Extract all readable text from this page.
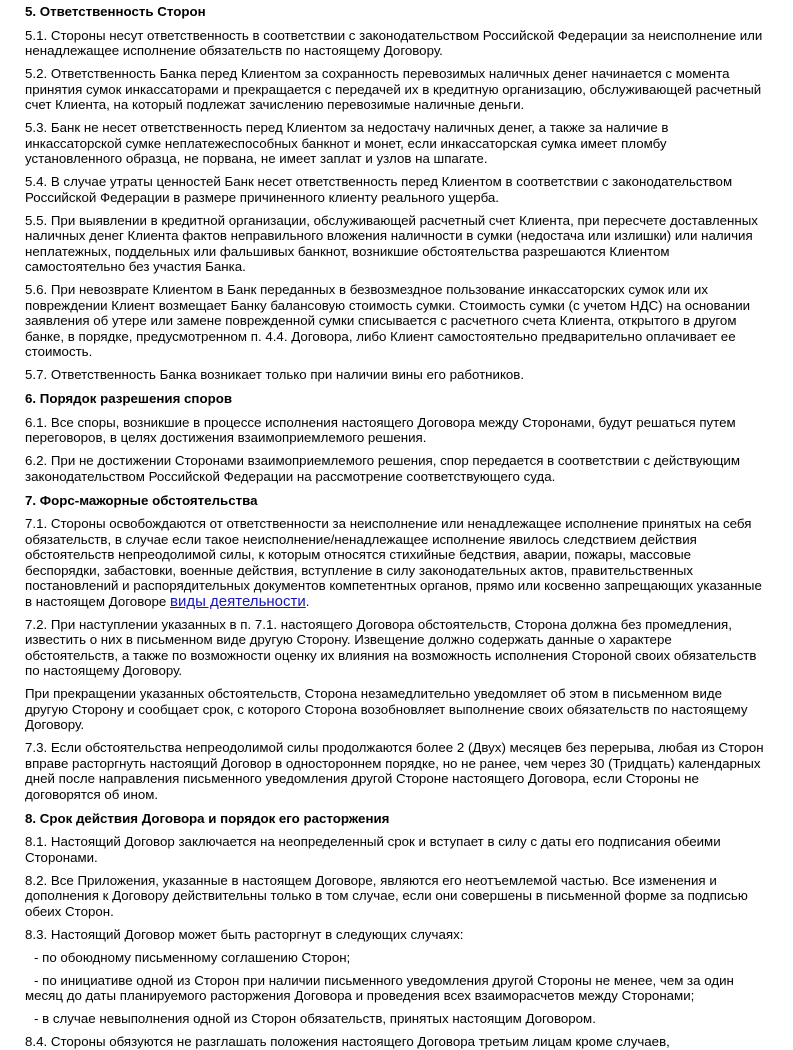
5. Ответственность Сторон

5.1. Стороны несут ответственность в соответствии с законодательством Российской Федерации за неисполнение или ненадлежащее исполнение обязательств по настоящему Договору.

5.2. Ответственность Банка перед Клиентом за сохранность перевозимых наличных денег начинается с момента принятия сумок инкассаторами и прекращается с передачей их в кредитную организацию, обслуживающей расчетный счет Клиента, на который подлежат зачислению перевозимые наличные деньги.

5.3. Банк не несет ответственность перед Клиентом за недостачу наличных денег, а также за наличие в инкассаторской сумке неплатежеспособных банкнот и монет, если инкассаторская сумка имеет пломбу установленного образца, не порвана, не имеет заплат и узлов на шпагате.

5.4. В случае утраты ценностей Банк несет ответственность перед Клиентом в соответствии с законодательством Российской Федерации в размере причиненного клиенту реального ущерба.

5.5. При выявлении в кредитной организации, обслуживающей расчетный счет Клиента, при пересчете доставленных наличных денег Клиента фактов неправильного вложения наличности в сумки (недостача или излишки) или наличия неплатежных, поддельных или фальшивых банкнот, возникшие обстоятельства разрешаются Клиентом самостоятельно без участия Банка.

5.6. При невозврате Клиентом в Банк переданных в безвозмездное пользование инкассаторских сумок или их повреждении Клиент возмещает Банку балансовую стоимость сумки. Стоимость сумки (с учетом НДС) на основании заявления об утере или замене поврежденной сумки списывается с расчетного счета Клиента, открытого в другом банке, в порядке, предусмотренном п. 4.4. Договора, либо Клиент самостоятельно предварительно оплачивает ее стоимость.

5.7. Ответственность Банка возникает только при наличии вины его работников.

6. Порядок разрешения споров

6.1. Все споры, возникшие в процессе исполнения настоящего Договора между Сторонами, будут решаться путем переговоров, в целях достижения взаимоприемлемого решения.

6.2. При не достижении Сторонами взаимоприемлемого решения, спор передается в соответствии с действующим законодательством Российской Федерации на рассмотрение соответствующего суда.

7. Форс-мажорные обстоятельства

7.1. Стороны освобождаются от ответственности за неисполнение или ненадлежащее исполнение принятых на себя обязательств, в случае если такое неисполнение/ненадлежащее исполнение явилось следствием действия обстоятельств непреодолимой силы, к которым относятся стихийные бедствия, аварии, пожары, массовые беспорядки, забастовки, военные действия, вступление в силу законодательных актов, правительственных постановлений и распорядительных документов компетентных органов, прямо или косвенно запрещающих указанные в настоящем Договоре виды деятельности.

7.2. При наступлении указанных в п. 7.1. настоящего Договора обстоятельств, Сторона должна без промедления, известить о них в письменном виде другую Сторону. Извещение должно содержать данные о характере обстоятельств, а также по возможности оценку их влияния на возможность исполнения Стороной своих обязательств по настоящему Договору.

При прекращении указанных обстоятельств, Сторона незамедлительно уведомляет об этом в письменном виде другую Сторону и сообщает срок, с которого Сторона возобновляет выполнение своих обязательств по настоящему Договору.

7.3. Если обстоятельства непреодолимой силы продолжаются более 2 (Двух) месяцев без перерыва, любая из Сторон вправе расторгнуть настоящий Договор в одностороннем порядке, но не ранее, чем через 30 (Тридцать) календарных дней после направления письменного уведомления другой Стороне настоящего Договора, если Стороны не договорятся об ином.

8. Срок действия Договора и порядок его расторжения

8.1. Настоящий Договор заключается на неопределенный срок и вступает в силу с даты его подписания обеими Сторонами.

8.2. Все Приложения, указанные в настоящем Договоре, являются его неотъемлемой частью. Все изменения и дополнения к Договору действительны только в том случае, если они совершены в письменной форме за подписью обеих Сторон.

8.3. Настоящий Договор может быть расторгнут в следующих случаях:

- по обоюдному письменному соглашению Сторон;

- по инициативе одной из Сторон при наличии письменного уведомления другой Стороны не менее, чем за один месяц до даты планируемого расторжения Договора и проведения всех взаиморасчетов между Сторонами;

- в случае невыполнения одной из Сторон обязательств, принятых настоящим Договором.

8.4. Стороны обязуются не разглашать положения настоящего Договора третьим лицам кроме случаев,
